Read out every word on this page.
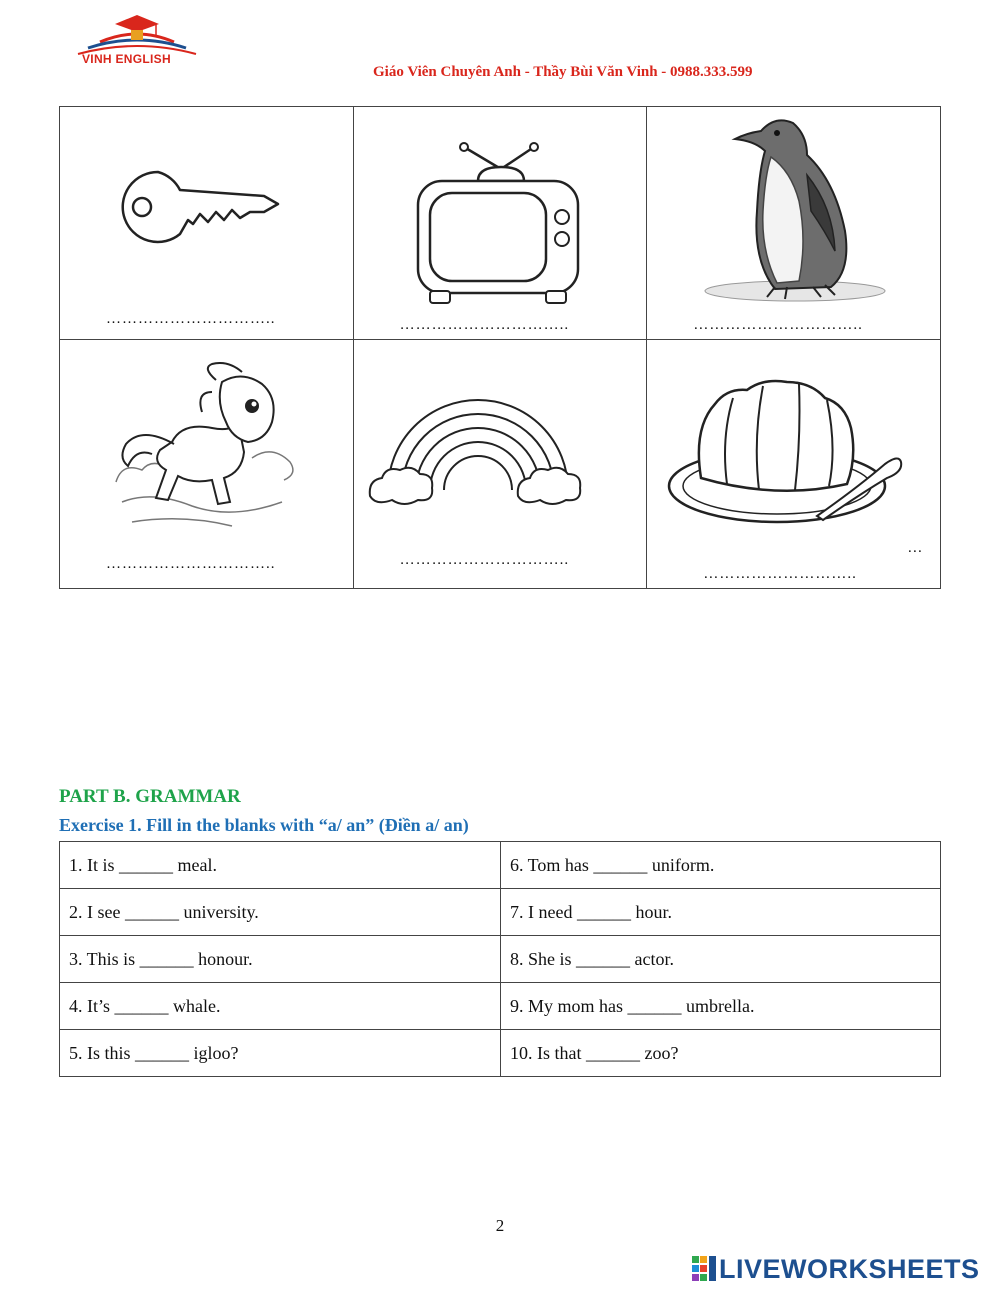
VINH ENGLISH
Giáo Viên Chuyên Anh - Thầy Bùi Văn Vinh - 0988.333.599
…………………………..	…………………………..	…………………………..

…………………………..	…………………………..	…
………………………..
PART B. GRAMMAR
Exercise 1. Fill in the blanks with “a/ an” (Điền a/ an)
1. It is ______ meal.	6. Tom has ______ uniform.
2. I see ______ university.	7. I need ______ hour.
3. This is ______ honour.	8. She is ______ actor.
4. It’s ______ whale.	9. My mom has ______ umbrella.
5. Is this ______ igloo?	10. Is that ______ zoo?
2
LIVEWORKSHEETS
